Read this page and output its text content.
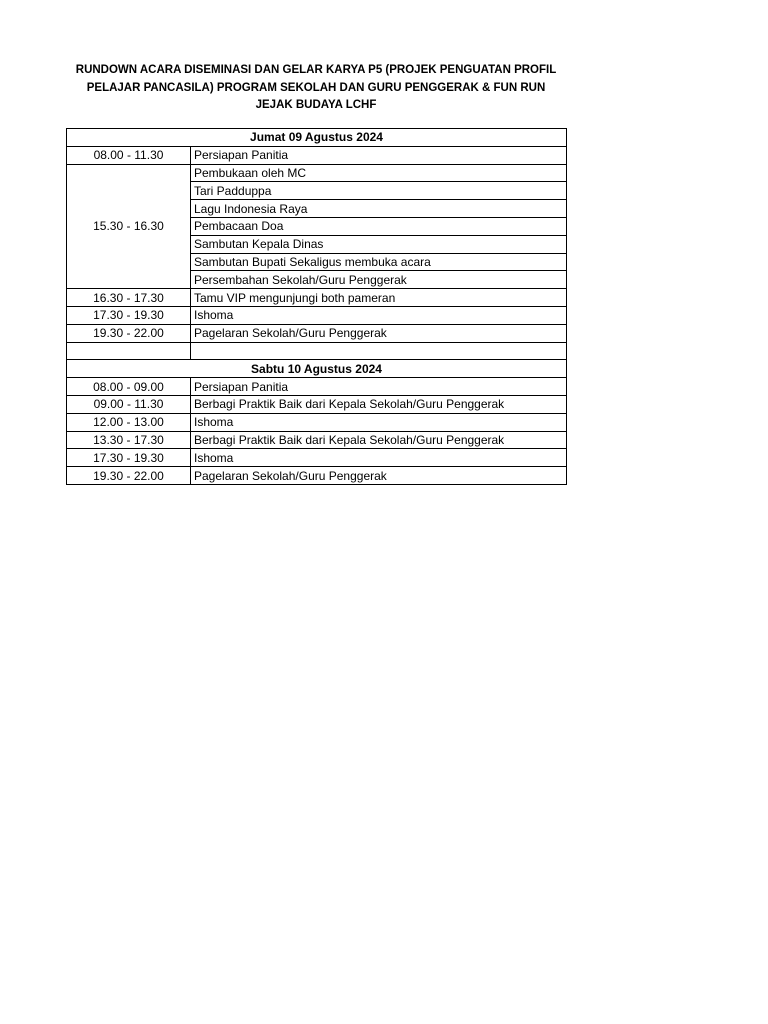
RUNDOWN ACARA DISEMINASI DAN GELAR KARYA P5 (PROJEK PENGUATAN PROFIL
PELAJAR PANCASILA) PROGRAM SEKOLAH DAN GURU PENGGERAK & FUN RUN
JEJAK BUDAYA LCHF
Jumat 09 Agustus 2024	
08.00 - 11.30	Persiapan Panitia
15.30 - 16.30	Pembukaan oleh MC
	Tari Padduppa
	Lagu Indonesia Raya
	Pembacaan Doa
	Sambutan Kepala Dinas
	Sambutan Bupati Sekaligus membuka acara
	Persembahan Sekolah/Guru Penggerak
16.30 - 17.30	Tamu VIP mengunjungi both pameran
17.30 - 19.30	Ishoma
19.30 - 22.00	Pagelaran Sekolah/Guru Penggerak

Sabtu 10 Agustus 2024	
08.00 - 09.00	Persiapan Panitia
09.00 - 11.30	Berbagi Praktik Baik dari Kepala Sekolah/Guru Penggerak
12.00 - 13.00	Ishoma
13.30 - 17.30	Berbagi Praktik Baik dari Kepala Sekolah/Guru Penggerak
17.30 - 19.30	Ishoma
19.30 - 22.00	Pagelaran Sekolah/Guru Penggerak
